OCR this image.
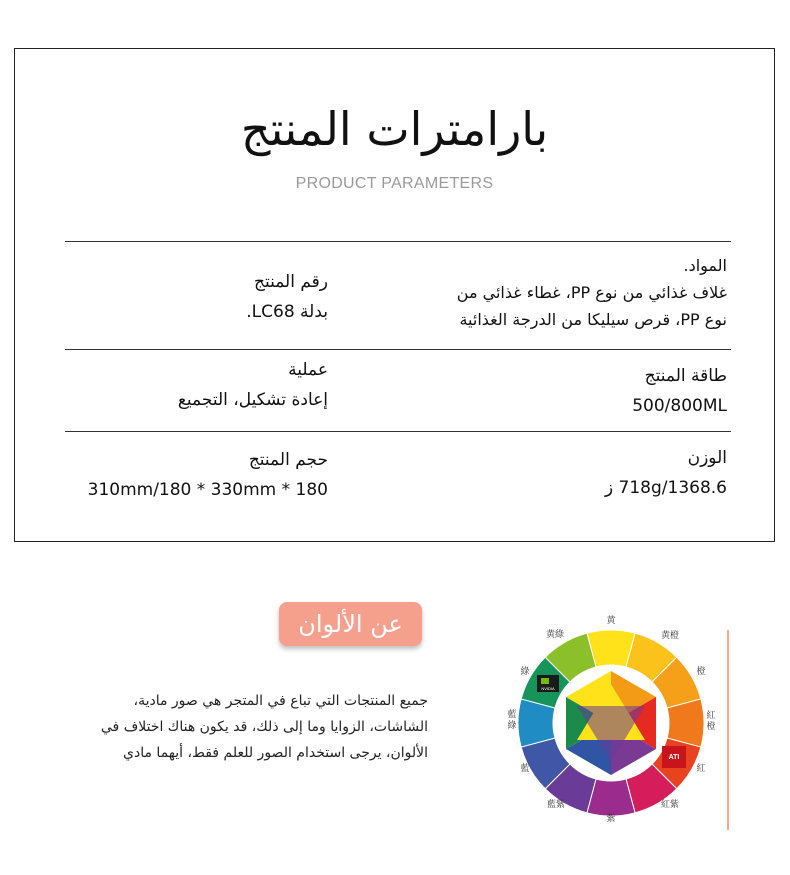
بارامترات المنتج
PRODUCT PARAMETERS
المواد.
غلاف غذائي من نوع PP، غطاء غذائي من
نوع PP، قرص سيليكا من الدرجة الغذائية
رقم المنتج
بدلة LC68.
طاقة المنتج
500/800ML
عملية
إعادة تشكيل، التجميع
الوزن
718g/1368.6 ز
حجم المنتج
310mm/180 * 330mm * 180
عن الألوان
جميع المنتجات التي تباع في المتجر هي صور مادية،
الشاشات، الزوايا وما إلى ذلك، قد يكون هناك اختلاف في
الألوان، يرجى استخدام الصور للعلم فقط، أيهما مادي
NVIDIA
ATI
黄
黄橙
橙
紅
橙
紅
紅紫
紫
藍紫
藍
藍
綠
綠
黄綠
